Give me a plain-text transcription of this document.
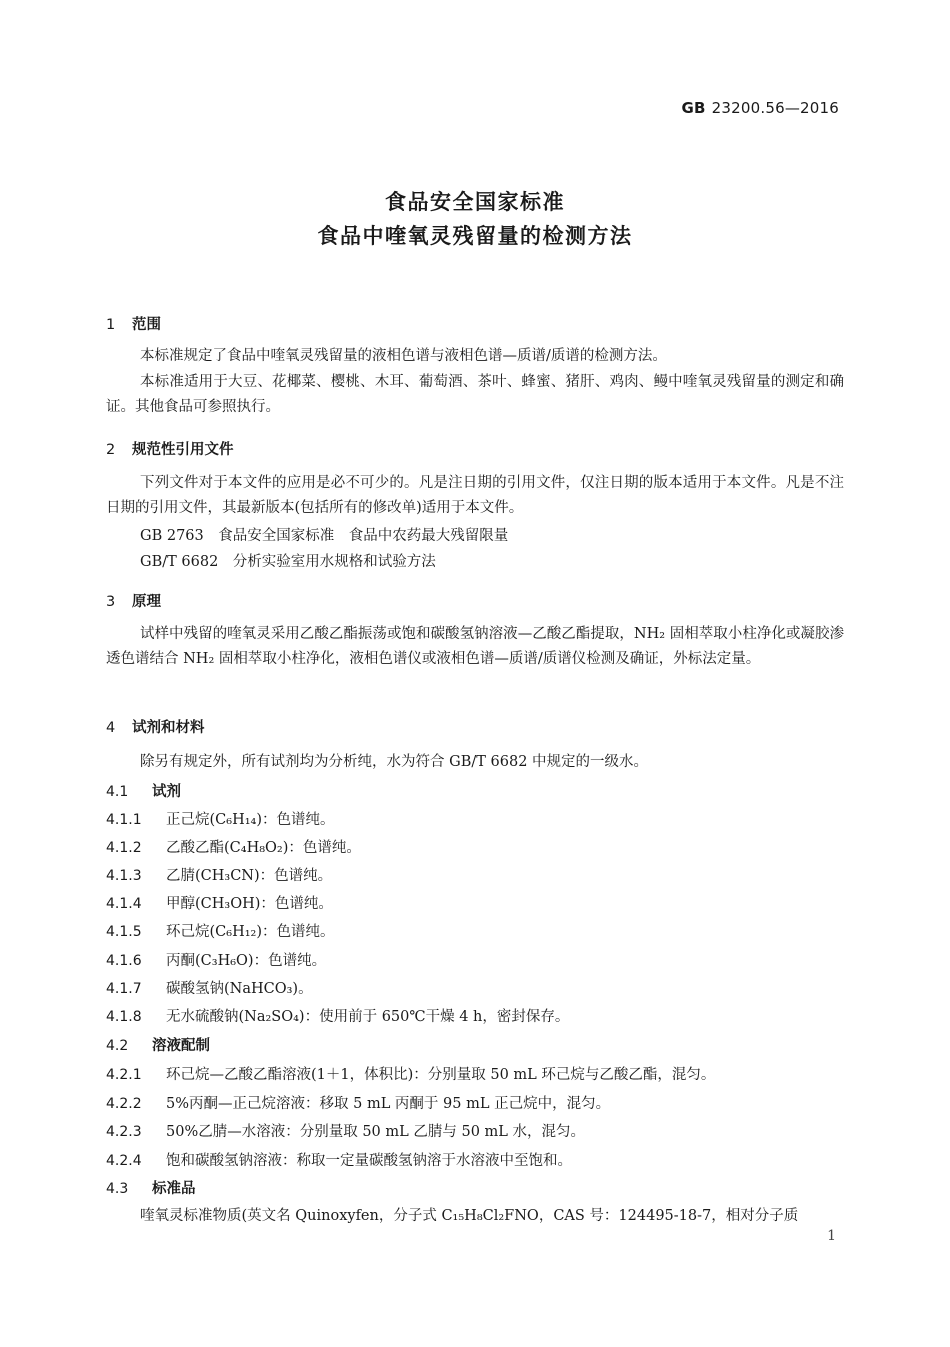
GB 23200.56—2016
食品安全国家标准
食品中喹氧灵残留量的检测方法
1 范围
本标准规定了食品中喹氧灵残留量的液相色谱与液相色谱—质谱/质谱的检测方法。
本标准适用于大豆、花椰菜、樱桃、木耳、葡萄酒、茶叶、蜂蜜、猪肝、鸡肉、鳗中喹氧灵残留量的测定和确证。其他食品可参照执行。
2 规范性引用文件
下列文件对于本文件的应用是必不可少的。凡是注日期的引用文件，仅注日期的版本适用于本文件。凡是不注日期的引用文件，其最新版本(包括所有的修改单)适用于本文件。
GB 2763　食品安全国家标准　食品中农药最大残留限量
GB/T 6682　分析实验室用水规格和试验方法
3 原理
试样中残留的喹氧灵采用乙酸乙酯振荡或饱和碳酸氢钠溶液—乙酸乙酯提取，NH₂ 固相萃取小柱净化或凝胶渗透色谱结合 NH₂ 固相萃取小柱净化，液相色谱仪或液相色谱—质谱/质谱仪检测及确证，外标法定量。
4 试剂和材料
除另有规定外，所有试剂均为分析纯，水为符合 GB/T 6682 中规定的一级水。
4.1 试剂
4.1.1 正己烷(C₆H₁₄)：色谱纯。
4.1.2 乙酸乙酯(C₄H₈O₂)：色谱纯。
4.1.3 乙腈(CH₃CN)：色谱纯。
4.1.4 甲醇(CH₃OH)：色谱纯。
4.1.5 环己烷(C₆H₁₂)：色谱纯。
4.1.6 丙酮(C₃H₆O)：色谱纯。
4.1.7 碳酸氢钠(NaHCO₃)。
4.1.8 无水硫酸钠(Na₂SO₄)：使用前于 650℃干燥 4 h，密封保存。
4.2 溶液配制
4.2.1 环己烷—乙酸乙酯溶液(1＋1，体积比)：分别量取 50 mL 环己烷与乙酸乙酯，混匀。
4.2.2 5%丙酮—正己烷溶液：移取 5 mL 丙酮于 95 mL 正己烷中，混匀。
4.2.3 50%乙腈—水溶液：分别量取 50 mL 乙腈与 50 mL 水，混匀。
4.2.4 饱和碳酸氢钠溶液：称取一定量碳酸氢钠溶于水溶液中至饱和。
4.3 标准品
喹氧灵标准物质(英文名 Quinoxyfen，分子式 C₁₅H₈Cl₂FNO，CAS 号：124495-18-7，相对分子质
1
